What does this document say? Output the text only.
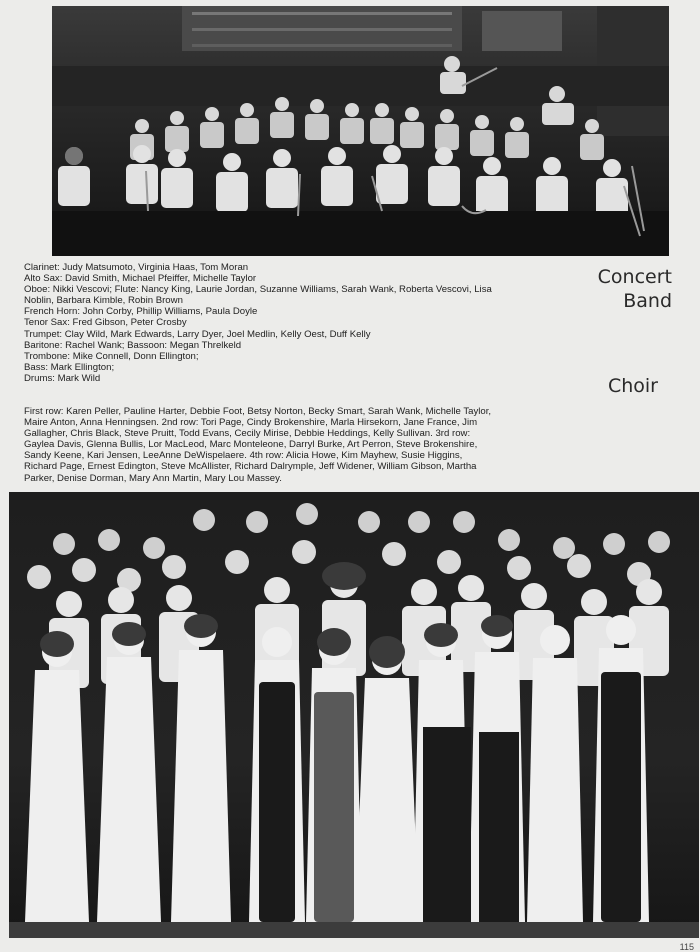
Clarinet: Judy Matsumoto, Virginia Haas, Tom Moran
Alto Sax: David Smith, Michael Pfeiffer, Michelle Taylor
Oboe: Nikki Vescovi; Flute: Nancy King, Laurie Jordan, Suzanne Williams, Sarah Wank, Roberta Vescovi, Lisa
Noblin, Barbara Kimble, Robin Brown
French Horn: John Corby, Phillip Williams, Paula Doyle
Tenor Sax: Fred Gibson, Peter Crosby
Trumpet: Clay Wild, Mark Edwards, Larry Dyer, Joel Medlin, Kelly Oest, Duff Kelly
Baritone: Rachel Wank; Bassoon: Megan Threlkeld
Trombone: Mike Connell, Donn Ellington;
Bass: Mark Ellington;
Drums: Mark Wild

Concert
Band
Choir

First row: Karen Peller, Pauline Harter, Debbie Foot, Betsy Norton, Becky Smart, Sarah Wank, Michelle Taylor,
Maire Anton, Anna Henningsen. 2nd row: Tori Page, Cindy Brokenshire, Marla Hirsekorn, Jane France, Jim
Gallagher, Chris Black, Steve Pruitt, Todd Evans, Cecily Mirise, Debbie Heddings, Kelly Sullivan. 3rd row:
Gaylea Davis, Glenna Bullis, Lor MacLeod, Marc Monteleone, Darryl Burke, Art Perron, Steve Brokenshire,
Sandy Keene, Kari Jensen, LeeAnne DeWispelaere. 4th row: Alicia Howe, Kim Mayhew, Susie Higgins,
Richard Page, Ernest Edington, Steve McAllister, Richard Dalrymple, Jeff Widener, William Gibson, Martha
Parker, Denise Dorman, Mary Ann Martin, Mary Lou Massey.

115
